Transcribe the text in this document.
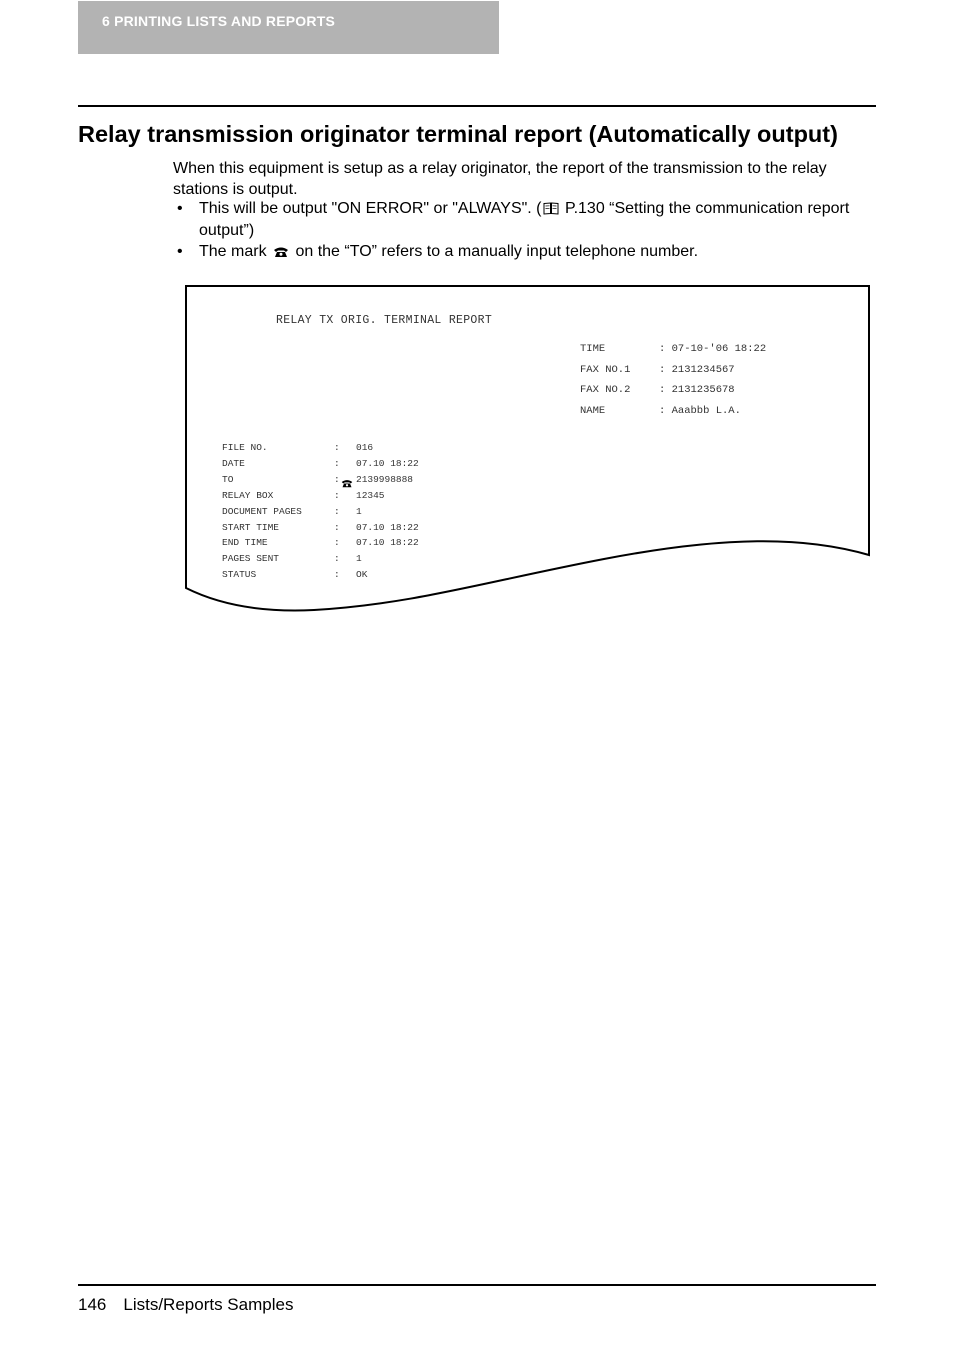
6 PRINTING LISTS AND REPORTS
Relay transmission originator terminal report (Automatically output)

When this equipment is setup as a relay originator, the report of the transmission to the relay stations is output.

• This will be output "ON ERROR" or "ALWAYS". ( P.130 “Setting the communication report output”)
• The mark  on the “TO” refers to a manually input telephone number.
RELAY TX ORIG. TERMINAL REPORT
TIME	: 07-10-'06 18:22
FAX NO.1	: 2131234567
FAX NO.2	: 2131235678
NAME	: Aaabbb L.A.
FILE NO.	: 016
DATE	: 07.10 18:22
TO	: 2139998888
RELAY BOX	: 12345
DOCUMENT PAGES	: 1
START TIME	: 07.10 18:22
END TIME	: 07.10 18:22
PAGES SENT	: 1
STATUS	: OK
146 Lists/Reports Samples
